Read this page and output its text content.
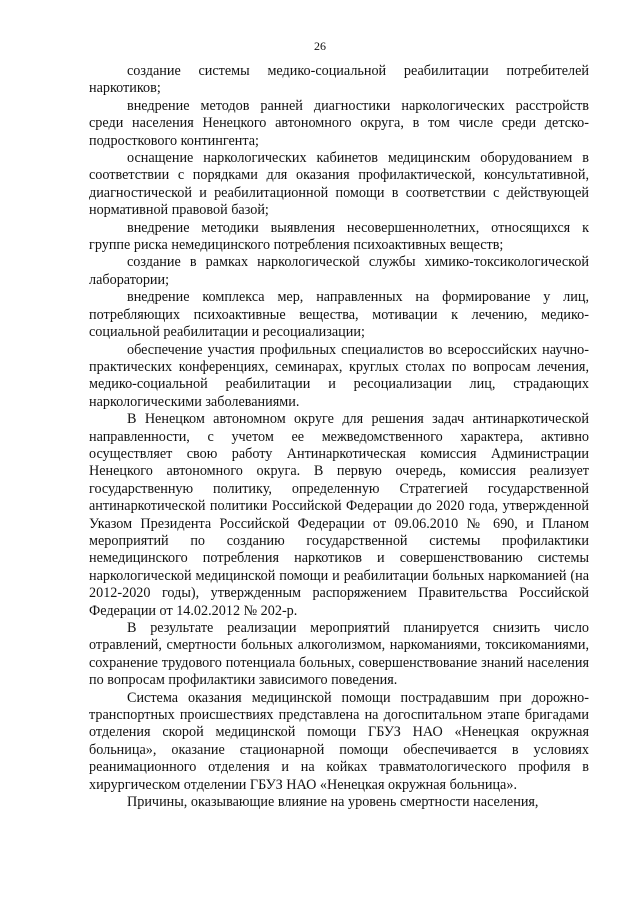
26

создание системы медико-социальной реабилитации потребителей наркотиков;

внедрение методов ранней диагностики наркологических расстройств среди населения Ненецкого автономного округа, в том числе среди детско-подросткового контингента;

оснащение наркологических кабинетов медицинским оборудованием в соответствии с порядками для оказания профилактической, консультативной, диагностической и реабилитационной помощи в соответствии с действующей нормативной правовой базой;

внедрение методики выявления несовершеннолетних, относящихся к группе риска немедицинского потребления психоактивных веществ;

создание в рамках наркологической службы химико-токсикологической лаборатории;

внедрение комплекса мер, направленных на формирование у лиц, потребляющих психоактивные вещества, мотивации к лечению, медико-социальной реабилитации и ресоциализации;

обеспечение участия профильных специалистов во всероссийских научно-практических конференциях, семинарах, круглых столах по вопросам лечения, медико-социальной реабилитации и ресоциализации лиц, страдающих наркологическими заболеваниями.

В Ненецком автономном округе для решения задач антинаркотической направленности, с учетом ее межведомственного характера, активно осуществляет свою работу Антинаркотическая комиссия Администрации Ненецкого автономного округа. В первую очередь, комиссия реализует государственную политику, определенную Стратегией государственной антинаркотической политики Российской Федерации до 2020 года, утвержденной Указом Президента Российской Федерации от 09.06.2010 № 690, и Планом мероприятий по созданию государственной системы профилактики немедицинского потребления наркотиков и совершенствованию системы наркологической медицинской помощи и реабилитации больных наркоманией (на 2012-2020 годы), утвержденным распоряжением Правительства Российской Федерации от 14.02.2012 № 202-р.

В результате реализации мероприятий планируется снизить число отравлений, смертности больных алкоголизмом, наркоманиями, токсикоманиями, сохранение трудового потенциала больных, совершенствование знаний населения по вопросам профилактики зависимого поведения.

Система оказания медицинской помощи пострадавшим при дорожно-транспортных происшествиях представлена на догоспитальном этапе бригадами отделения скорой медицинской помощи ГБУЗ НАО «Ненецкая окружная больница», оказание стационарной помощи обеспечивается в условиях реанимационного отделения и на койках травматологического профиля в хирургическом отделении ГБУЗ НАО «Ненецкая окружная больница».

Причины, оказывающие влияние на уровень смертности населения,
